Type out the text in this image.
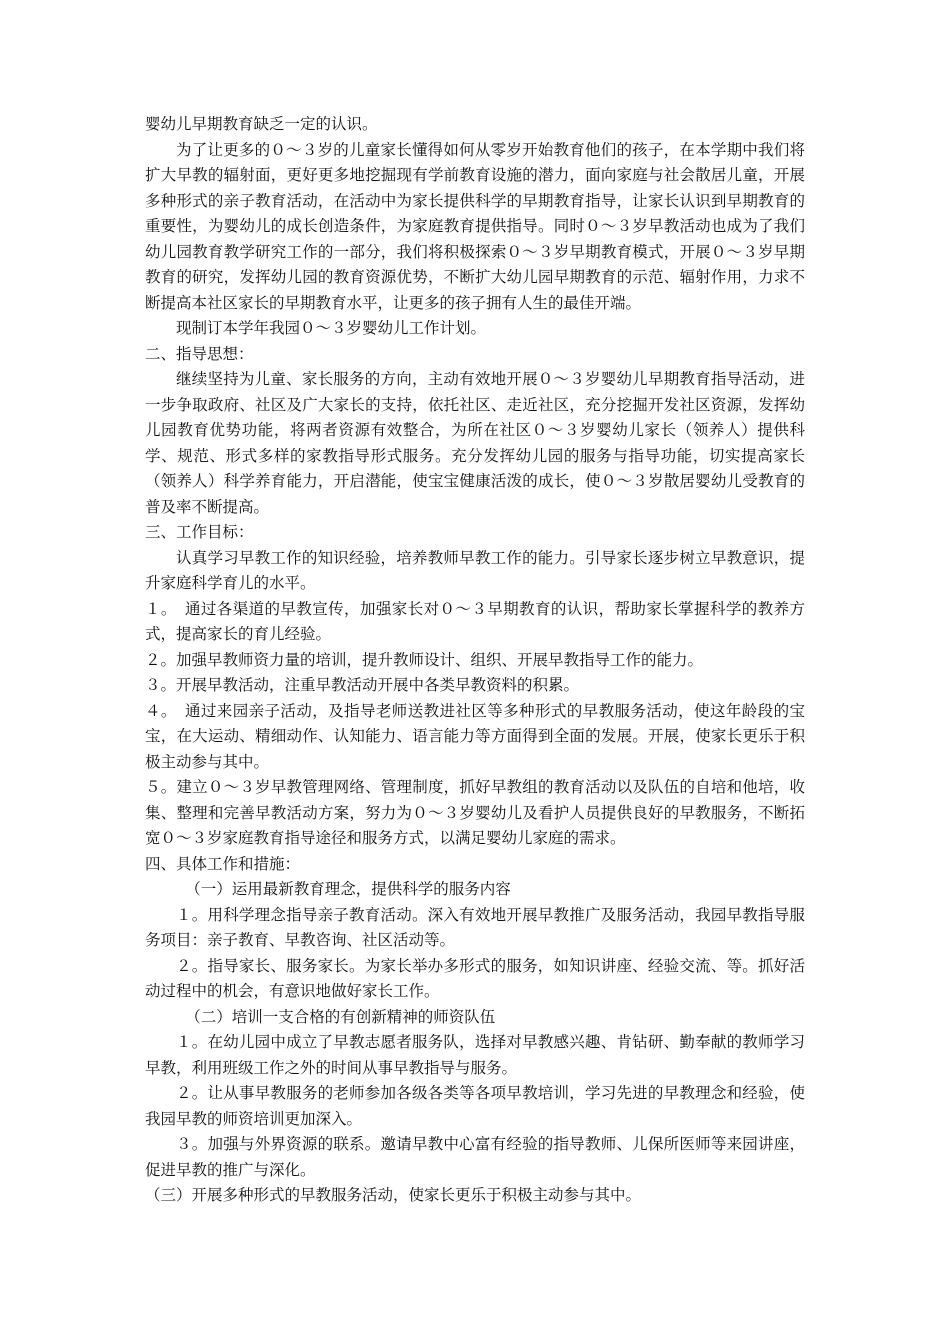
婴幼儿早期教育缺乏一定的认识。

为了让更多的０～３岁的儿童家长懂得如何从零岁开始教育他们的孩子，在本学期中我们将扩大早教的辐射面，更好更多地挖掘现有学前教育设施的潜力，面向家庭与社会散居儿童，开展多种形式的亲子教育活动，在活动中为家长提供科学的早期教育指导，让家长认识到早期教育的重要性，为婴幼儿的成长创造条件，为家庭教育提供指导。同时０～３岁早教活动也成为了我们幼儿园教育教学研究工作的一部分，我们将积极探索０～３岁早期教育模式，开展０～３岁早期教育的研究，发挥幼儿园的教育资源优势，不断扩大幼儿园早期教育的示范、辐射作用，力求不断提高本社区家长的早期教育水平，让更多的孩子拥有人生的最佳开端。

现制订本学年我园０～３岁婴幼儿工作计划。

二、指导思想：

继续坚持为儿童、家长服务的方向，主动有效地开展０～３岁婴幼儿早期教育指导活动，进一步争取政府、社区及广大家长的支持，依托社区、走近社区，充分挖掘开发社区资源，发挥幼儿园教育优势功能，将两者资源有效整合，为所在社区０～３岁婴幼儿家长（领养人）提供科学、规范、形式多样的家教指导形式服务。充分发挥幼儿园的服务与指导功能，切实提高家长（领养人）科学养育能力，开启潜能，使宝宝健康活泼的成长，使０～３岁散居婴幼儿受教育的普及率不断提高。

三、工作目标：

认真学习早教工作的知识经验，培养教师早教工作的能力。引导家长逐步树立早教意识，提升家庭科学育儿的水平。

１。　通过各渠道的早教宣传，加强家长对０～３早期教育的认识，帮助家长掌握科学的教养方式，提高家长的育儿经验。

２。加强早教师资力量的培训，提升教师设计、组织、开展早教指导工作的能力。

３。开展早教活动，注重早教活动开展中各类早教资料的积累。

４。　通过来园亲子活动，及指导老师送教进社区等多种形式的早教服务活动，使这年龄段的宝宝，在大运动、精细动作、认知能力、语言能力等方面得到全面的发展。开展，使家长更乐于积极主动参与其中。

５。建立０～３岁早教管理网络、管理制度，抓好早教组的教育活动以及队伍的自培和他培，收集、整理和完善早教活动方案，努力为０～３岁婴幼儿及看护人员提供良好的早教服务，不断拓宽０～３岁家庭教育指导途径和服务方式，以满足婴幼儿家庭的需求。

四、具体工作和措施：

（一）运用最新教育理念，提供科学的服务内容

１。用科学理念指导亲子教育活动。深入有效地开展早教推广及服务活动，我园早教指导服务项目：亲子教育、早教咨询、社区活动等。

２。指导家长、服务家长。为家长举办多形式的服务，如知识讲座、经验交流、等。抓好活动过程中的机会，有意识地做好家长工作。

（二）培训一支合格的有创新精神的师资队伍

１。在幼儿园中成立了早教志愿者服务队，选择对早教感兴趣、肯钻研、勤奉献的教师学习早教，利用班级工作之外的时间从事早教指导与服务。

２。让从事早教服务的老师参加各级各类等各项早教培训，学习先进的早教理念和经验，使我园早教的师资培训更加深入。

３。加强与外界资源的联系。邀请早教中心富有经验的指导教师、儿保所医师等来园讲座，促进早教的推广与深化。

（三）开展多种形式的早教服务活动，使家长更乐于积极主动参与其中。
